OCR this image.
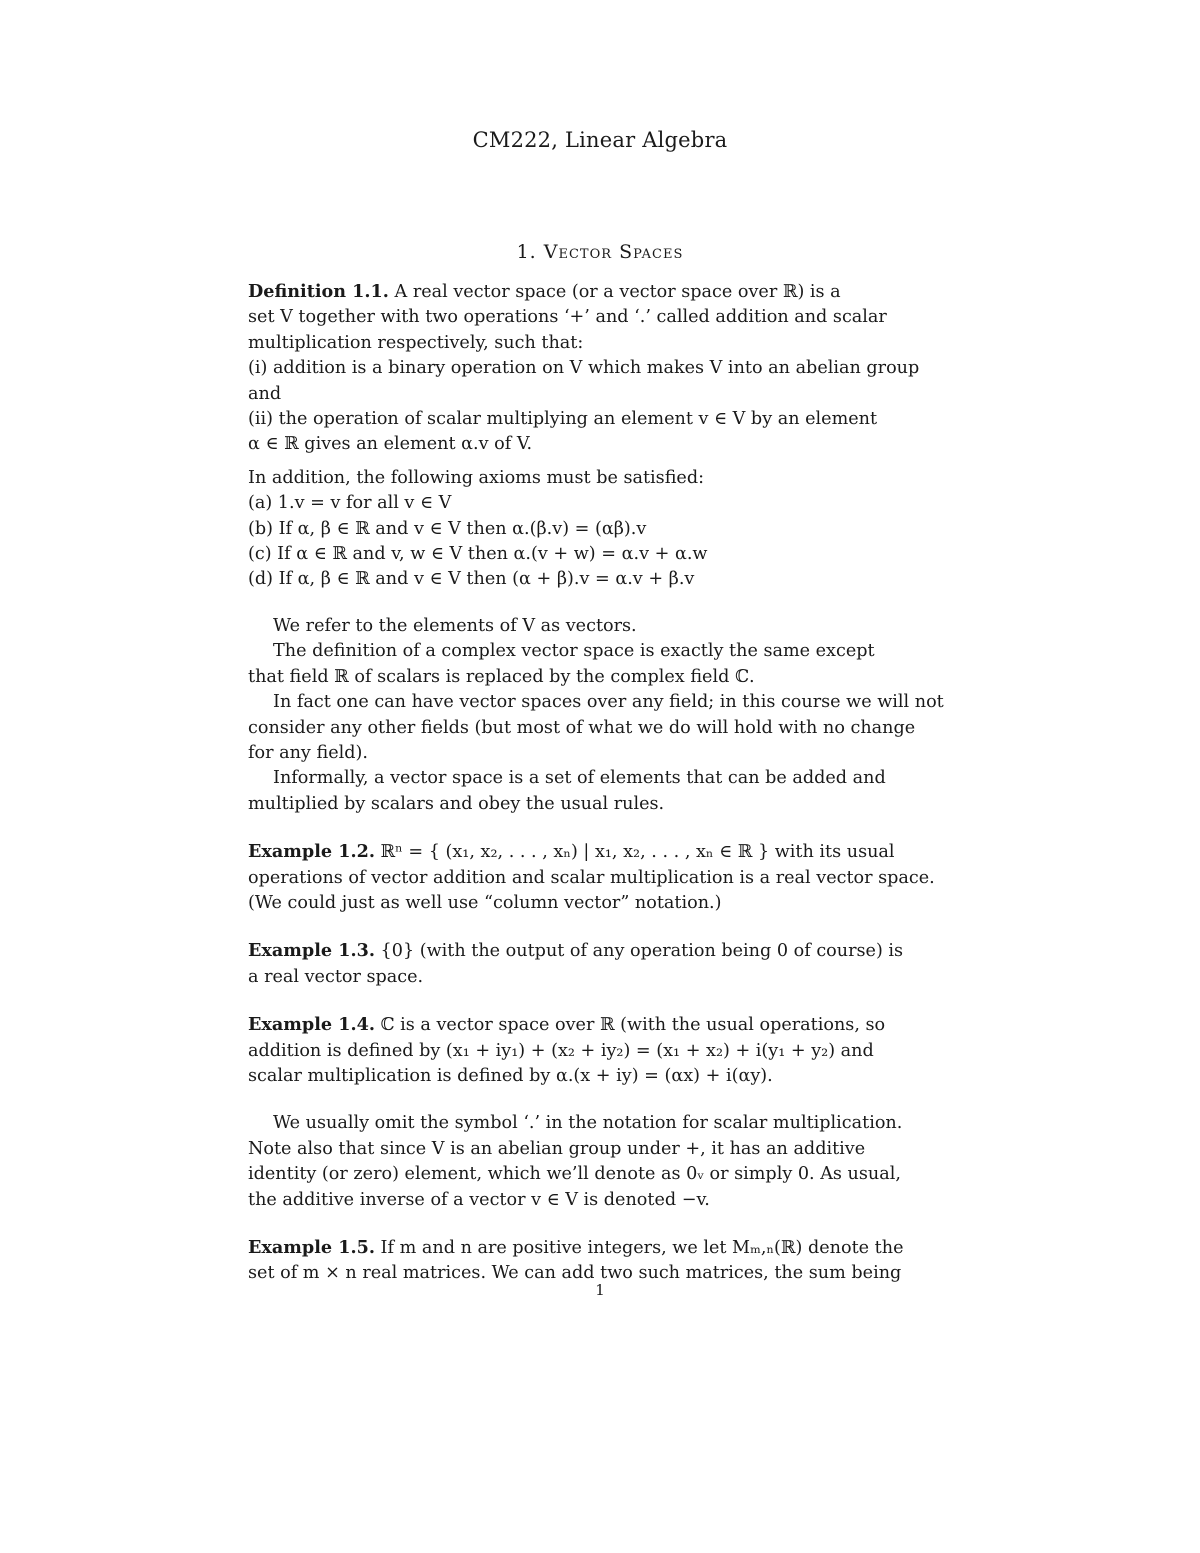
CM222, Linear Algebra
1. Vector Spaces
Definition 1.1. A real vector space (or a vector space over ℝ) is a
set V together with two operations ‘+’ and ‘.’ called addition and scalar
multiplication respectively, such that:
(i) addition is a binary operation on V which makes V into an abelian group
and
(ii) the operation of scalar multiplying an element v ∈ V by an element
α ∈ ℝ gives an element α.v of V.
In addition, the following axioms must be satisfied:
(a) 1.v = v for all v ∈ V
(b) If α, β ∈ ℝ and v ∈ V then α.(β.v) = (αβ).v
(c) If α ∈ ℝ and v, w ∈ V then α.(v + w) = α.v + α.w
(d) If α, β ∈ ℝ and v ∈ V then (α + β).v = α.v + β.v
We refer to the elements of V as vectors.
The definition of a complex vector space is exactly the same except
that field ℝ of scalars is replaced by the complex field ℂ.
In fact one can have vector spaces over any field; in this course we will not
consider any other fields (but most of what we do will hold with no change
for any field).
Informally, a vector space is a set of elements that can be added and
multiplied by scalars and obey the usual rules.
Example 1.2. ℝⁿ = { (x₁, x₂, . . . , xₙ) | x₁, x₂, . . . , xₙ ∈ ℝ } with its usual
operations of vector addition and scalar multiplication is a real vector space.
(We could just as well use “column vector” notation.)
Example 1.3. {0} (with the output of any operation being 0 of course) is
a real vector space.
Example 1.4. ℂ is a vector space over ℝ (with the usual operations, so
addition is defined by (x₁ + iy₁) + (x₂ + iy₂) = (x₁ + x₂) + i(y₁ + y₂) and
scalar multiplication is defined by α.(x + iy) = (αx) + i(αy).
We usually omit the symbol ‘.’ in the notation for scalar multiplication.
Note also that since V is an abelian group under +, it has an additive
identity (or zero) element, which we’ll denote as 0ᵥ or simply 0. As usual,
the additive inverse of a vector v ∈ V is denoted −v.
Example 1.5. If m and n are positive integers, we let Mₘ,ₙ(ℝ) denote the
set of m × n real matrices. We can add two such matrices, the sum being
1
